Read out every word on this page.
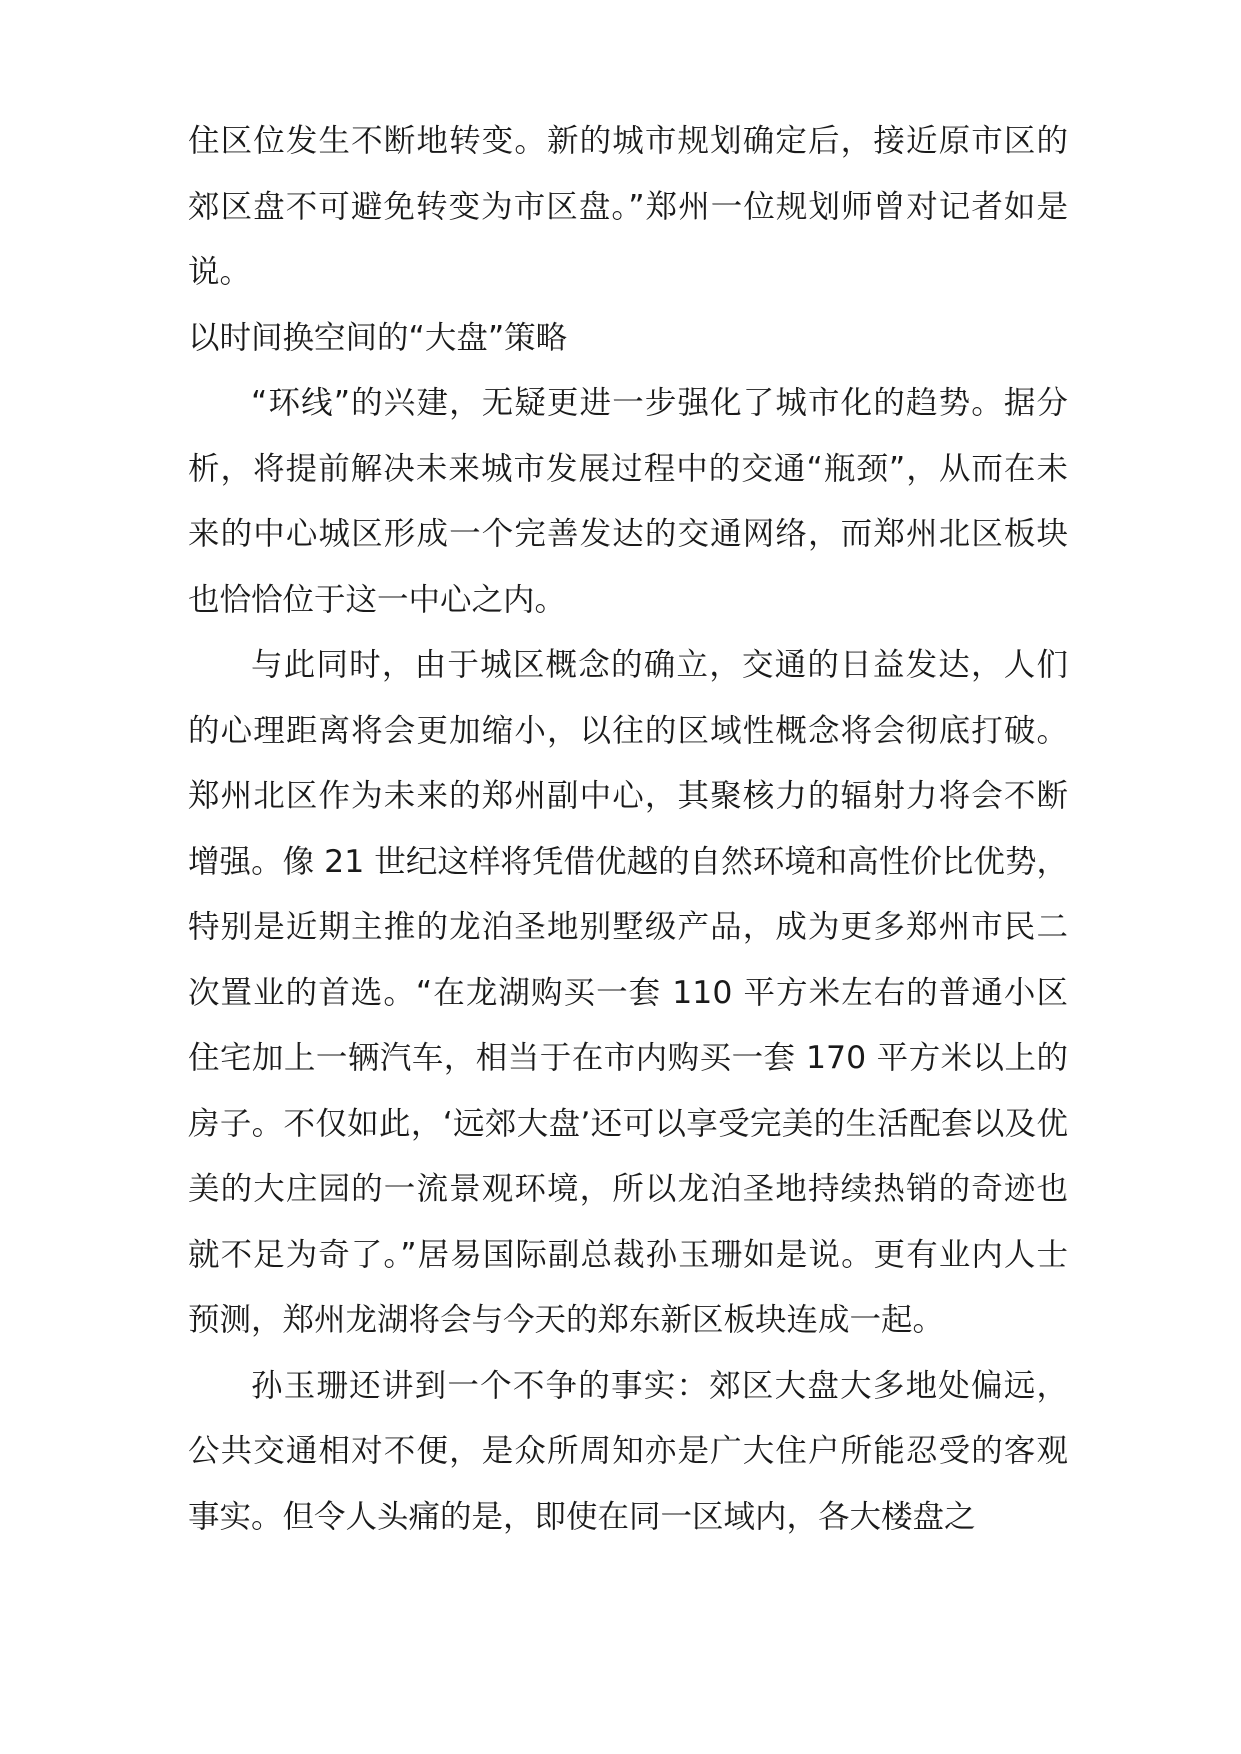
住区位发生不断地转变。新的城市规划确定后，接近原市区的郊区盘不可避免转变为市区盘。”郑州一位规划师曾对记者如是说。

以时间换空间的“大盘”策略

“环线”的兴建，无疑更进一步强化了城市化的趋势。据分析，将提前解决未来城市发展过程中的交通“瓶颈”，从而在未来的中心城区形成一个完善发达的交通网络，而郑州北区板块也恰恰位于这一中心之内。

与此同时，由于城区概念的确立，交通的日益发达，人们的心理距离将会更加缩小，以往的区域性概念将会彻底打破。郑州北区作为未来的郑州副中心，其聚核力的辐射力将会不断增强。像 21 世纪这样将凭借优越的自然环境和高性价比优势，特别是近期主推的龙泊圣地别墅级产品，成为更多郑州市民二次置业的首选。“在龙湖购买一套 110 平方米左右的普通小区住宅加上一辆汽车，相当于在市内购买一套 170 平方米以上的房子。不仅如此，‘远郊大盘’还可以享受完美的生活配套以及优美的大庄园的一流景观环境，所以龙泊圣地持续热销的奇迹也就不足为奇了。”居易国际副总裁孙玉珊如是说。更有业内人士预测，郑州龙湖将会与今天的郑东新区板块连成一起。

孙玉珊还讲到一个不争的事实：郊区大盘大多地处偏远，公共交通相对不便，是众所周知亦是广大住户所能忍受的客观事实。但令人头痛的是，即使在同一区域内，各大楼盘之
